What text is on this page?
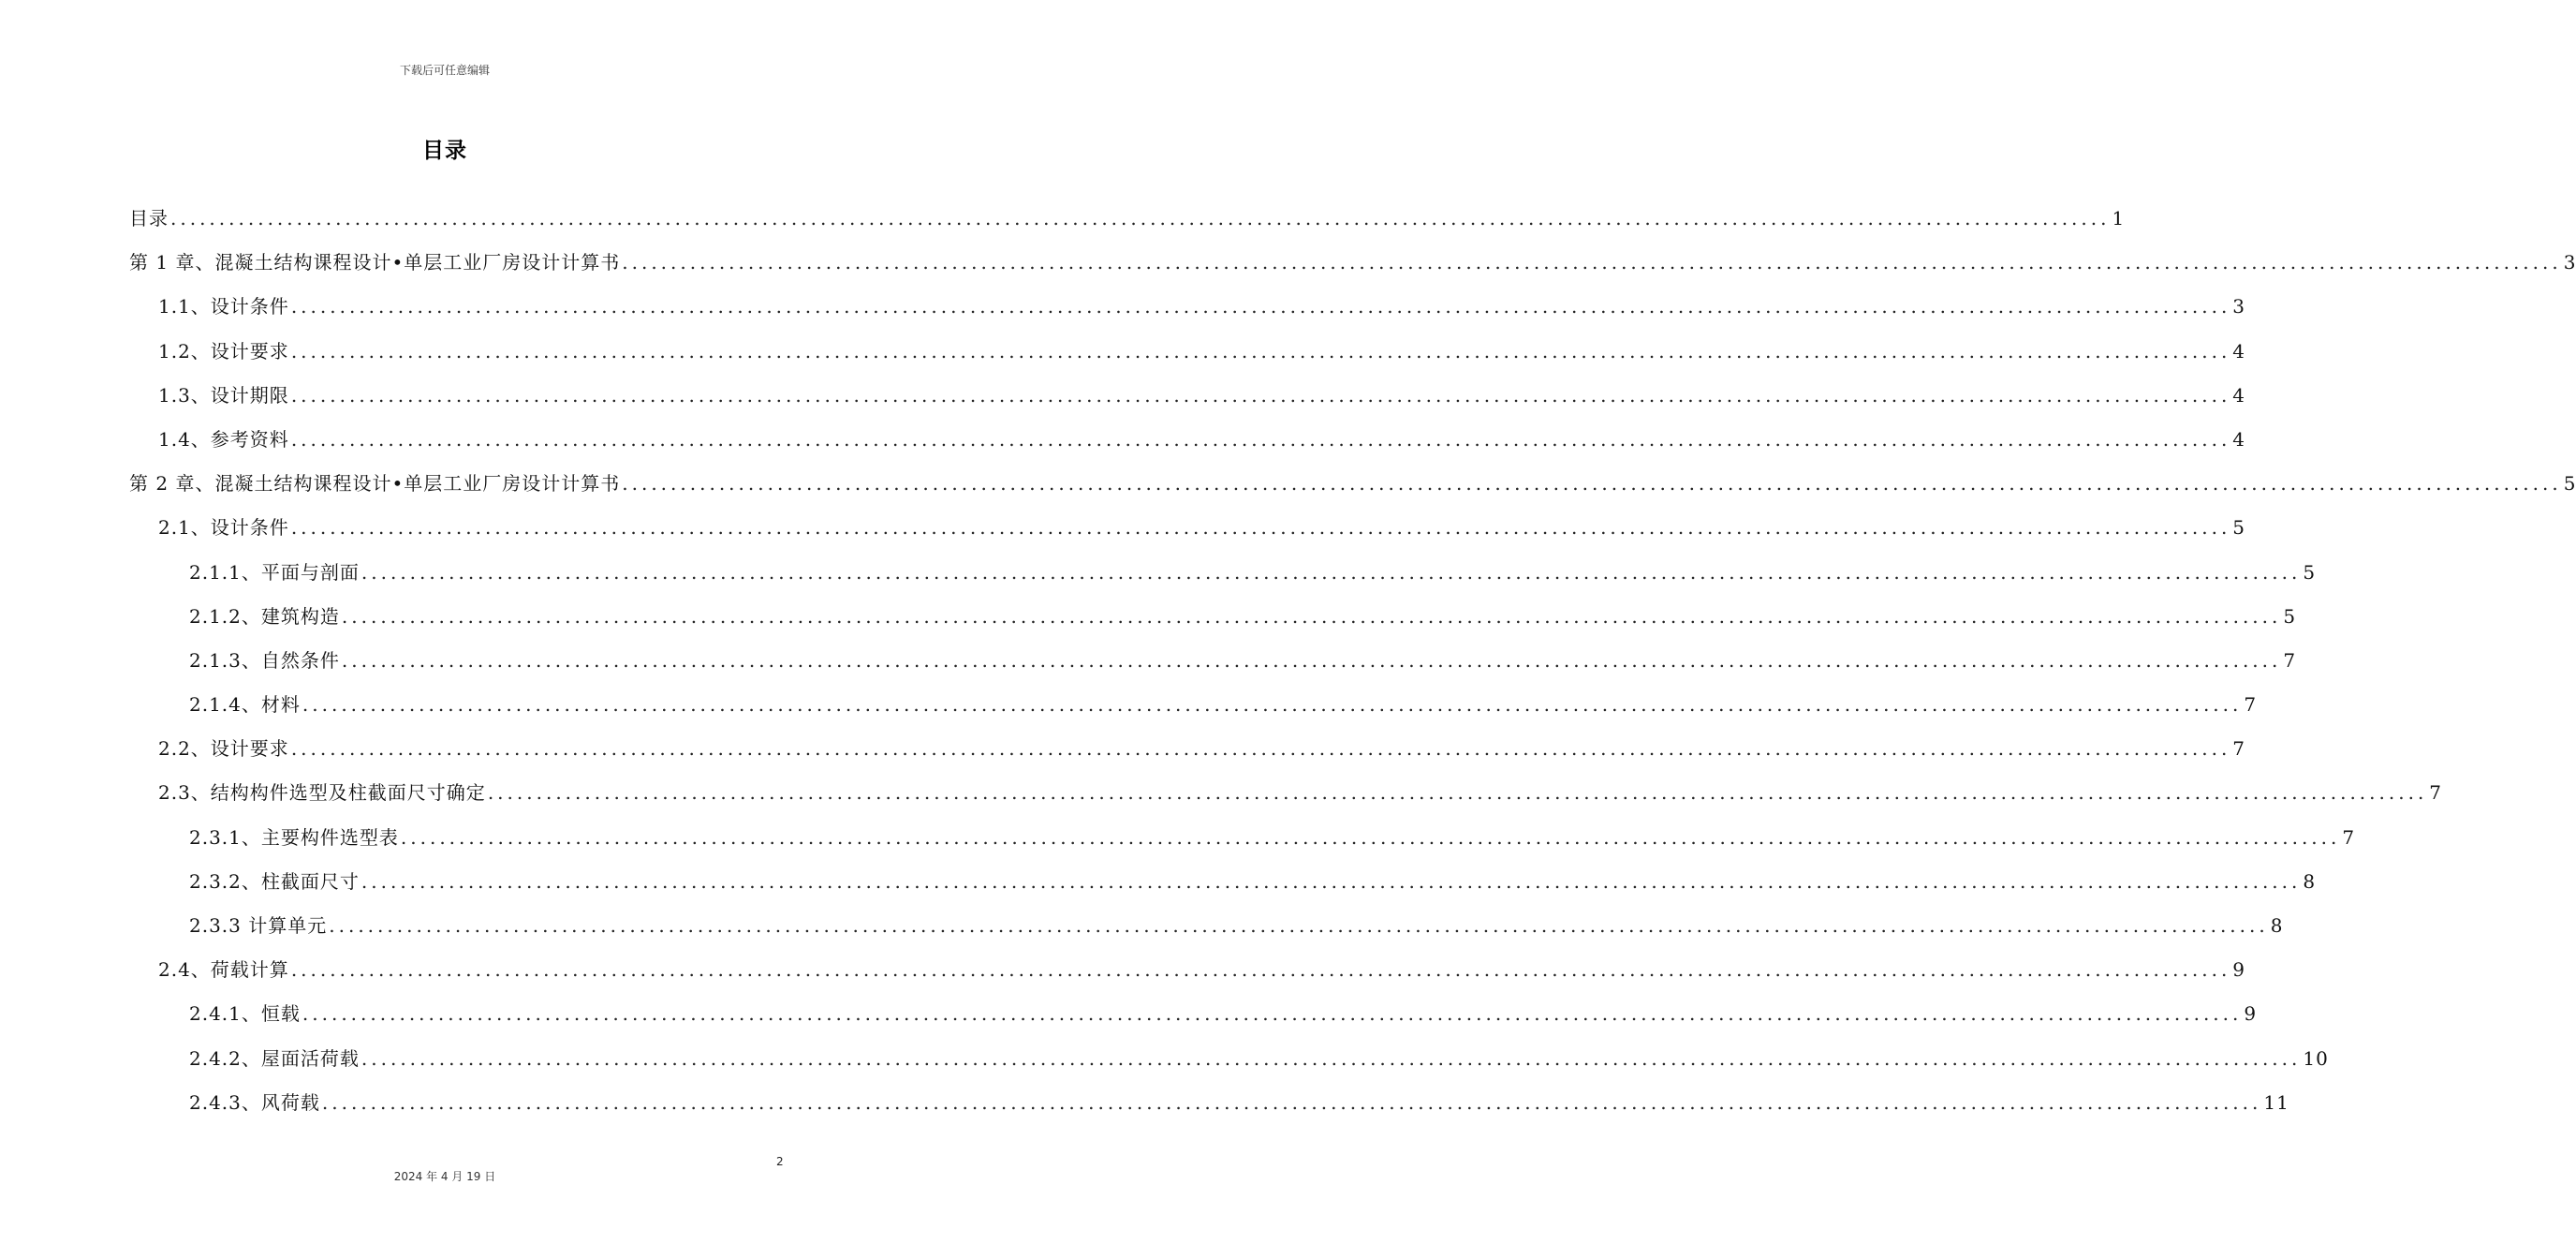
下载后可任意编辑
目录
目录 ........................................................................................................................................................................................................ 1
第 1 章、混凝土结构课程设计•单层工业厂房设计计算书 ........................................................................................................................................................................................................ 3
1.1、设计条件 ........................................................................................................................................................................................................ 3
1.2、设计要求 ........................................................................................................................................................................................................ 4
1.3、设计期限 ........................................................................................................................................................................................................ 4
1.4、参考资料 ........................................................................................................................................................................................................ 4
第 2 章、混凝土结构课程设计•单层工业厂房设计计算书 ........................................................................................................................................................................................................ 5
2.1、设计条件 ........................................................................................................................................................................................................ 5
2.1.1、平面与剖面 ........................................................................................................................................................................................................ 5
2.1.2、建筑构造 ........................................................................................................................................................................................................ 5
2.1.3、自然条件 ........................................................................................................................................................................................................ 7
2.1.4、材料 ........................................................................................................................................................................................................ 7
2.2、设计要求 ........................................................................................................................................................................................................ 7
2.3、结构构件选型及柱截面尺寸确定 ........................................................................................................................................................................................................ 7
2.3.1、主要构件选型表 ........................................................................................................................................................................................................ 7
2.3.2、柱截面尺寸 ........................................................................................................................................................................................................ 8
2.3.3 计算单元 ........................................................................................................................................................................................................ 8
2.4、荷载计算 ........................................................................................................................................................................................................ 9
2.4.1、恒载 ........................................................................................................................................................................................................ 9
2.4.2、屋面活荷载 ........................................................................................................................................................................................................ 10
2.4.3、风荷载 ........................................................................................................................................................................................................ 11
2
2024 年 4 月 19 日
